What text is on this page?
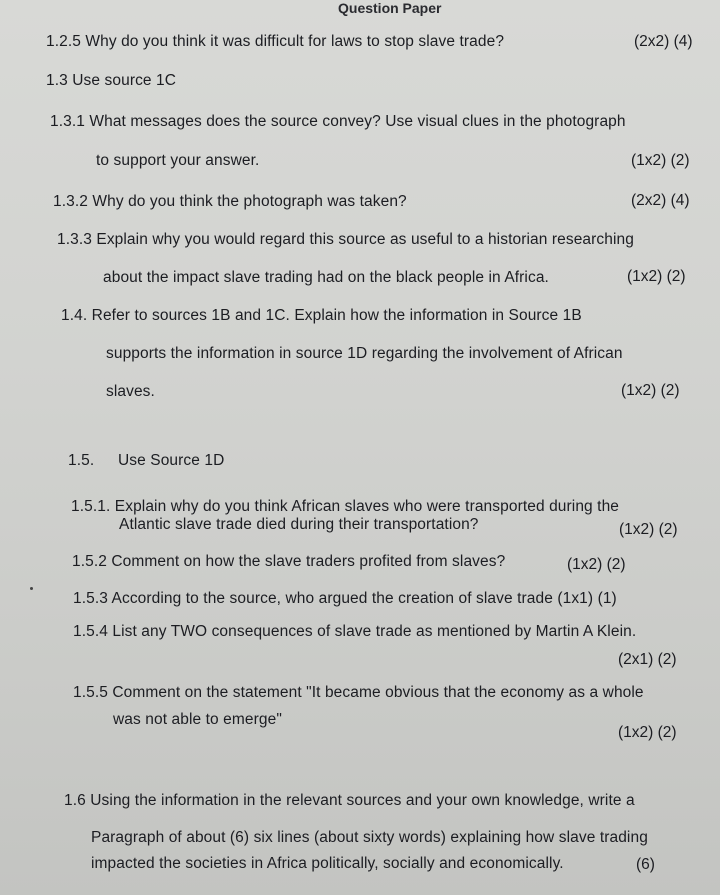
Question Paper
1.2.5 Why do you think it was difficult for laws to stop slave trade?	(2x2) (4)
1.3 Use source 1C
1.3.1 What messages does the source convey? Use visual clues in the photograph
to support your answer.	(1x2) (2)
1.3.2 Why do you think the photograph was taken?	(2x2) (4)
1.3.3 Explain why you would regard this source as useful to a historian researching
about the impact slave trading had on the black people in Africa.	(1x2) (2)
1.4. Refer to sources 1B and 1C. Explain how the information in Source 1B
supports the information in source 1D regarding the involvement of African
slaves.	(1x2) (2)
1.5. Use Source 1D
1.5.1. Explain why do you think African slaves who were transported during the
Atlantic slave trade died during their transportation?	(1x2) (2)
1.5.2 Comment on how the slave traders profited from slaves?	(1x2) (2)
1.5.3 According to the source, who argued the creation of slave trade (1x1) (1)
1.5.4 List any TWO consequences of slave trade as mentioned by Martin A Klein.
(2x1) (2)
1.5.5 Comment on the statement "It became obvious that the economy as a whole
was not able to emerge"
(1x2) (2)
1.6 Using the information in the relevant sources and your own knowledge, write a
Paragraph of about (6) six lines (about sixty words) explaining how slave trading
impacted the societies in Africa politically, socially and economically.	(6)
